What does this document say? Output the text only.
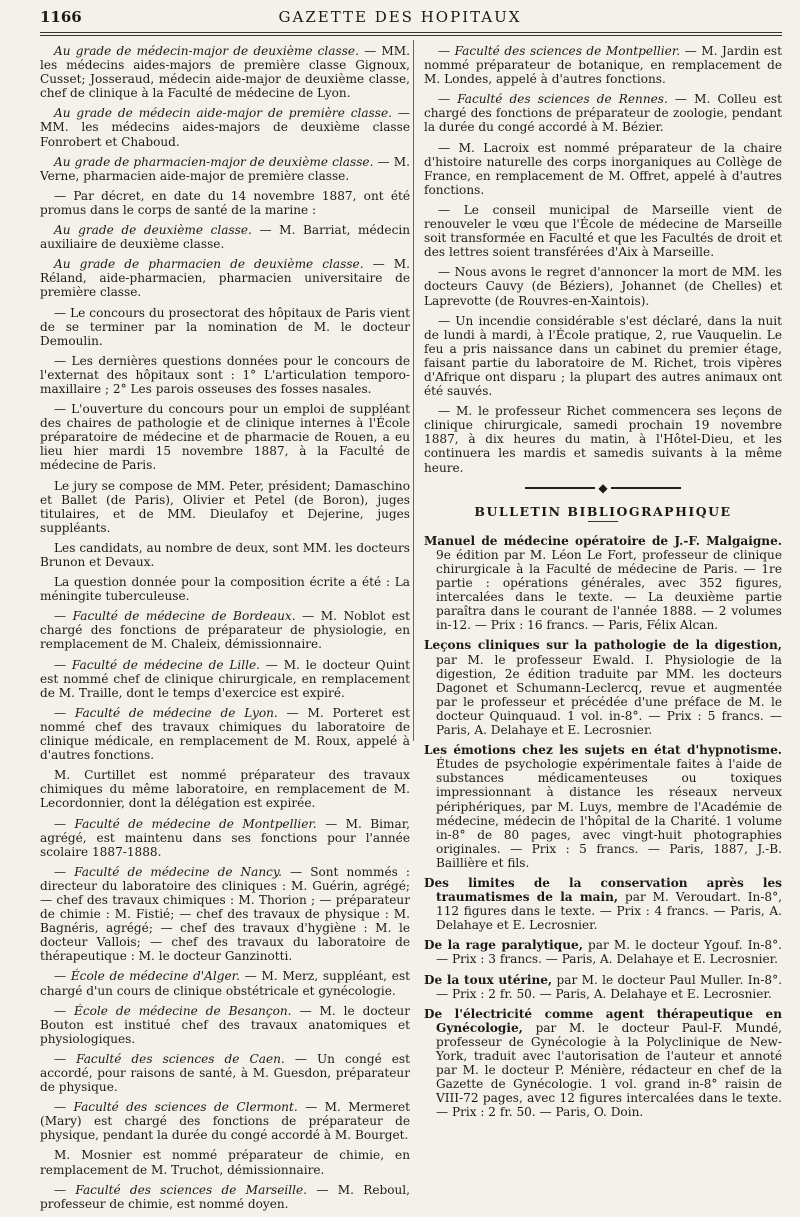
1166	GAZETTE DES HOPITAUX

Au grade de médecin-major de deuxième classe. — MM. les médecins aides-majors de première classe Gignoux, Cusset; Josseraud, médecin aide-major de deuxième classe, chef de clinique à la Faculté de médecine de Lyon.

Au grade de médecin aide-major de première classe. — MM. les médecins aides-majors de deuxième classe Fonrobert et Chaboud.

Au grade de pharmacien-major de deuxième classe. — M. Verne, pharmacien aide-major de première classe.

— Par décret, en date du 14 novembre 1887, ont été promus dans le corps de santé de la marine :

Au grade de deuxième classe. — M. Barriat, médecin auxiliaire de deuxième classe.

Au grade de pharmacien de deuxième classe. — M. Réland, aide-pharmacien, pharmacien universitaire de première classe.

— Le concours du prosectorat des hôpitaux de Paris vient de se terminer par la nomination de M. le docteur Demoulin.

— Les dernières questions données pour le concours de l'externat des hôpitaux sont : 1° L'articulation temporo-maxillaire ; 2° Les parois osseuses des fosses nasales.

— L'ouverture du concours pour un emploi de suppléant des chaires de pathologie et de clinique internes à l'École préparatoire de médecine et de pharmacie de Rouen, a eu lieu hier mardi 15 novembre 1887, à la Faculté de médecine de Paris.

Le jury se compose de MM. Peter, président; Damaschino et Ballet (de Paris), Olivier et Petel (de Boron), juges titulaires, et de MM. Dieulafoy et Dejerine, juges suppléants.

Les candidats, au nombre de deux, sont MM. les docteurs Brunon et Devaux.

La question donnée pour la composition écrite a été : La méningite tuberculeuse.

— Faculté de médecine de Bordeaux. — M. Noblot est chargé des fonctions de préparateur de physiologie, en remplacement de M. Chaleix, démissionnaire.

— Faculté de médecine de Lille. — M. le docteur Quint est nommé chef de clinique chirurgicale, en remplacement de M. Traille, dont le temps d'exercice est expiré.

— Faculté de médecine de Lyon. — M. Porteret est nommé chef des travaux chimiques du laboratoire de clinique médicale, en remplacement de M. Roux, appelé à d'autres fonctions.

M. Curtillet est nommé préparateur des travaux chimiques du même laboratoire, en remplacement de M. Lecordonnier, dont la délégation est expirée.

— Faculté de médecine de Montpellier. — M. Bimar, agrégé, est maintenu dans ses fonctions pour l'année scolaire 1887-1888.

— Faculté de médecine de Nancy. — Sont nommés : directeur du laboratoire des cliniques : M. Guérin, agrégé; — chef des travaux chimiques : M. Thorion ; — préparateur de chimie : M. Fistié; — chef des travaux de physique : M. Bagnéris, agrégé; — chef des travaux d'hygiène : M. le docteur Vallois; — chef des travaux du laboratoire de thérapeutique : M. le docteur Ganzinotti.

— École de médecine d'Alger. — M. Merz, suppléant, est chargé d'un cours de clinique obstétricale et gynécologie.

— École de médecine de Besançon. — M. le docteur Bouton est institué chef des travaux anatomiques et physiologiques.

— Faculté des sciences de Caen. — Un congé est accordé, pour raisons de santé, à M. Guesdon, préparateur de physique.

— Faculté des sciences de Clermont. — M. Mermeret (Mary) est chargé des fonctions de préparateur de physique, pendant la durée du congé accordé à M. Bourget.

M. Mosnier est nommé préparateur de chimie, en remplacement de M. Truchot, démissionnaire.

— Faculté des sciences de Marseille. — M. Reboul, professeur de chimie, est nommé doyen.

— Faculté des sciences de Montpellier. — M. Jardin est nommé préparateur de botanique, en remplacement de M. Londes, appelé à d'autres fonctions.

— Faculté des sciences de Rennes. — M. Colleu est chargé des fonctions de préparateur de zoologie, pendant la durée du congé accordé à M. Bézier.

— M. Lacroix est nommé préparateur de la chaire d'histoire naturelle des corps inorganiques au Collège de France, en remplacement de M. Offret, appelé à d'autres fonctions.

— Le conseil municipal de Marseille vient de renouveler le vœu que l'École de médecine de Marseille soit transformée en Faculté et que les Facultés de droit et des lettres soient transférées d'Aix à Marseille.

— Nous avons le regret d'annoncer la mort de MM. les docteurs Cauvy (de Béziers), Johannet (de Chelles) et Laprevotte (de Rouvres-en-Xaintois).

— Un incendie considérable s'est déclaré, dans la nuit de lundi à mardi, à l'École pratique, 2, rue Vauquelin. Le feu a pris naissance dans un cabinet du premier étage, faisant partie du laboratoire de M. Richet, trois vipères d'Afrique ont disparu ; la plupart des autres animaux ont été sauvés.

— M. le professeur Richet commencera ses leçons de clinique chirurgicale, samedi prochain 19 novembre 1887, à dix heures du matin, à l'Hôtel-Dieu, et les continuera les mardis et samedis suivants à la même heure.

◆
BULLETIN BIBLIOGRAPHIQUE

Manuel de médecine opératoire de J.-F. Malgaigne. 9e édition par M. Léon Le Fort, professeur de clinique chirurgicale à la Faculté de médecine de Paris. — 1re partie : opérations générales, avec 352 figures, intercalées dans le texte. — La deuxième partie paraîtra dans le courant de l'année 1888. — 2 volumes in-12. — Prix : 16 francs. — Paris, Félix Alcan.

Leçons cliniques sur la pathologie de la digestion, par M. le professeur Ewald. I. Physiologie de la digestion, 2e édition traduite par MM. les docteurs Dagonet et Schumann-Leclercq, revue et augmentée par le professeur et précédée d'une préface de M. le docteur Quinquaud. 1 vol. in-8°. — Prix : 5 francs. — Paris, A. Delahaye et E. Lecrosnier.

Les émotions chez les sujets en état d'hypnotisme. Études de psychologie expérimentale faites à l'aide de substances médicamenteuses ou toxiques impressionnant à distance les réseaux nerveux périphériques, par M. Luys, membre de l'Académie de médecine, médecin de l'hôpital de la Charité. 1 volume in-8° de 80 pages, avec vingt-huit photographies originales. — Prix : 5 francs. — Paris, 1887, J.-B. Baillière et fils.

Des limites de la conservation après les traumatismes de la main, par M. Veroudart. In-8°, 112 figures dans le texte. — Prix : 4 francs. — Paris, A. Delahaye et E. Lecrosnier.

De la rage paralytique, par M. le docteur Ygouf. In-8°. — Prix : 3 francs. — Paris, A. Delahaye et E. Lecrosnier.

De la toux utérine, par M. le docteur Paul Muller. In-8°. — Prix : 2 fr. 50. — Paris, A. Delahaye et E. Lecrosnier.

De l'électricité comme agent thérapeutique en Gynécologie, par M. le docteur Paul-F. Mundé, professeur de Gynécologie à la Polyclinique de New-York, traduit avec l'autorisation de l'auteur et annoté par M. le docteur P. Ménière, rédacteur en chef de la Gazette de Gynécologie. 1 vol. grand in-8° raisin de VIII-72 pages, avec 12 figures intercalées dans le texte. — Prix : 2 fr. 50. — Paris, O. Doin.
